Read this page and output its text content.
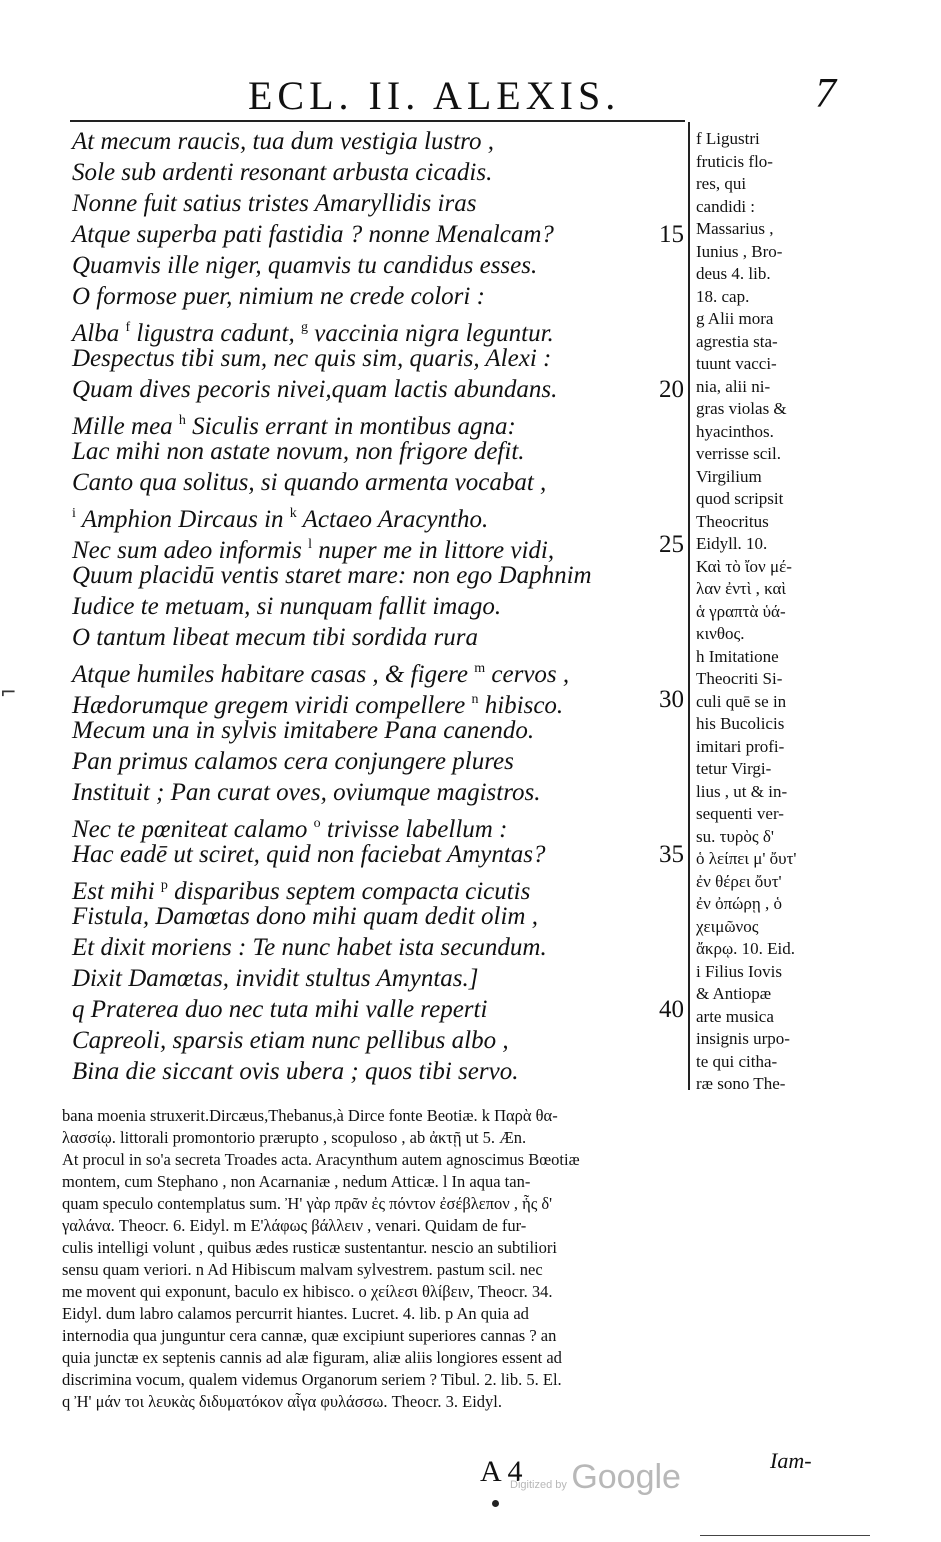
ECL. II. ALEXIS.	7
At mecum raucis, tua dum vestigia lustro ,
Sole sub ardenti resonant arbusta cicadis.
Nonne fuit satius tristes Amaryllidis iras
Atque superba pati fastidia ? nonne Menalcam?	15
Quamvis ille niger, quamvis tu candidus esses.
O formose puer, nimium ne crede colori :
Alba $^f$ ligustra cadunt, $^g$ vaccinia nigra leguntur.
Despectus tibi sum, nec quis sim, quaris, Alexi :
Quam dives pecoris nivei,quam lactis abundans.	20
Mille mea $^h$ Siculis errant in montibus agna:
Lac mihi non astate novum, non frigore defit.
Canto qua solitus, si quando armenta vocabat ,
$^i$ Amphion Dircaus in $^k$ Actaeo Aracyntho.
Nec sum adeo informis $^l$ nuper me in littore vidi,	25
Quum placidū ventis staret mare: non ego Daphnim
Iudice te metuam, si nunquam fallit imago.
O tantum libeat mecum tibi sordida rura
Atque humiles habitare casas , & figere $^m$ cervos ,
Hædorumque gregem viridi compellere $^n$ hibisco.	30
Mecum una in sylvis imitabere Pana canendo.
Pan primus calamos cera conjungere plures
Instituit ; Pan curat oves, oviumque magistros.
Nec te pœniteat calamo $^o$ trivisse labellum :
Hac eadē ut sciret, quid non faciebat Amyntas?	35
Est mihi $^p$ disparibus septem compacta cicutis
Fistula, Damœtas dono mihi quam dedit olim ,
Et dixit moriens : Te nunc habet ista secundum.
Dixit Damœtas, invidit stultus Amyntas.]
q Praterea duo nec tuta mihi valle reperti	40
Capreoli, sparsis etiam nunc pellibus albo ,
Bina die siccant ovis ubera ; quos tibi servo.
f Ligustri
fruticis flo-
res, qui
candidi :
Massarius ,
Iunius , Bro-
deus 4. lib.
18. cap.
g Alii mora
agrestia sta-
tuunt vacci-
nia, alii ni-
gras violas &
hyacinthos.
verrisse scil.
Virgilium
quod scripsit
Theocritus
Eidyll. 10.
Καὶ τὸ ἴον μέ-
λαν ἐντὶ , καὶ
ἁ γραπτὰ ὑά-
κινθος.
h Imitatione
Theocriti Si-
culi quē se in
his Bucolicis
imitari profi-
tetur Virgi-
lius , ut & in-
sequenti ver-
su. τυρὸς δ'
ὁ λείπει μ' ὄυτ'
ἐν θέρει ὄυτ'
ἐν ὀπώρῃ , ὁ
χειμῶνος
ἄκρῳ. 10. Eid.
i Filius Iovis
& Antiopæ
arte musica
insignis urpo-
te qui citha-
ræ sono The-
bana moenia struxerit.Dircæus,Thebanus,à Dirce fonte Beotiæ. k Παρὰ θα-
λασσίῳ. littorali promontorio prærupto , scopuloso , ab ἀκτῇ ut 5. Æn.
At procul in so'a secreta Troades acta. Aracynthum autem agnoscimus Bœotiæ
montem, cum Stephano , non Acarnaniæ , nedum Atticæ. l In aqua tan-
quam speculo contemplatus sum. Ἠ' γὰρ πρᾶν ἐς πόντον ἐσέβλεπον , ἧς δ'
γαλάνα. Theocr. 6. Eidyl. m Ε'λάφως βάλλειν , venari. Quidam de fur-
culis intelligi volunt , quibus ædes rusticæ sustentantur. nescio an subtiliori
sensu quam veriori. n Ad Hibiscum malvam sylvestrem. pastum scil. nec
me movent qui exponunt, baculo ex hibisco. o χείλεσι θλίβειν, Theocr. 34.
Eidyl. dum labro calamos percurrit hiantes. Lucret. 4. lib. p An quia ad
internodia qua junguntur cera cannæ, quæ excipiunt superiores cannas ? an
quia junctæ ex septenis cannis ad alæ figuram, aliæ aliis longiores essent ad
discrimina vocum, qualem videmus Organorum seriem ? Tibul. 2. lib. 5. El.
q Ἠ' μάν τοι λευκὰς διδυματόκον αἶγα φυλάσσω. Theocr. 3. Eidyl.
A 4
Digitized by Google	Iam-
⌐
